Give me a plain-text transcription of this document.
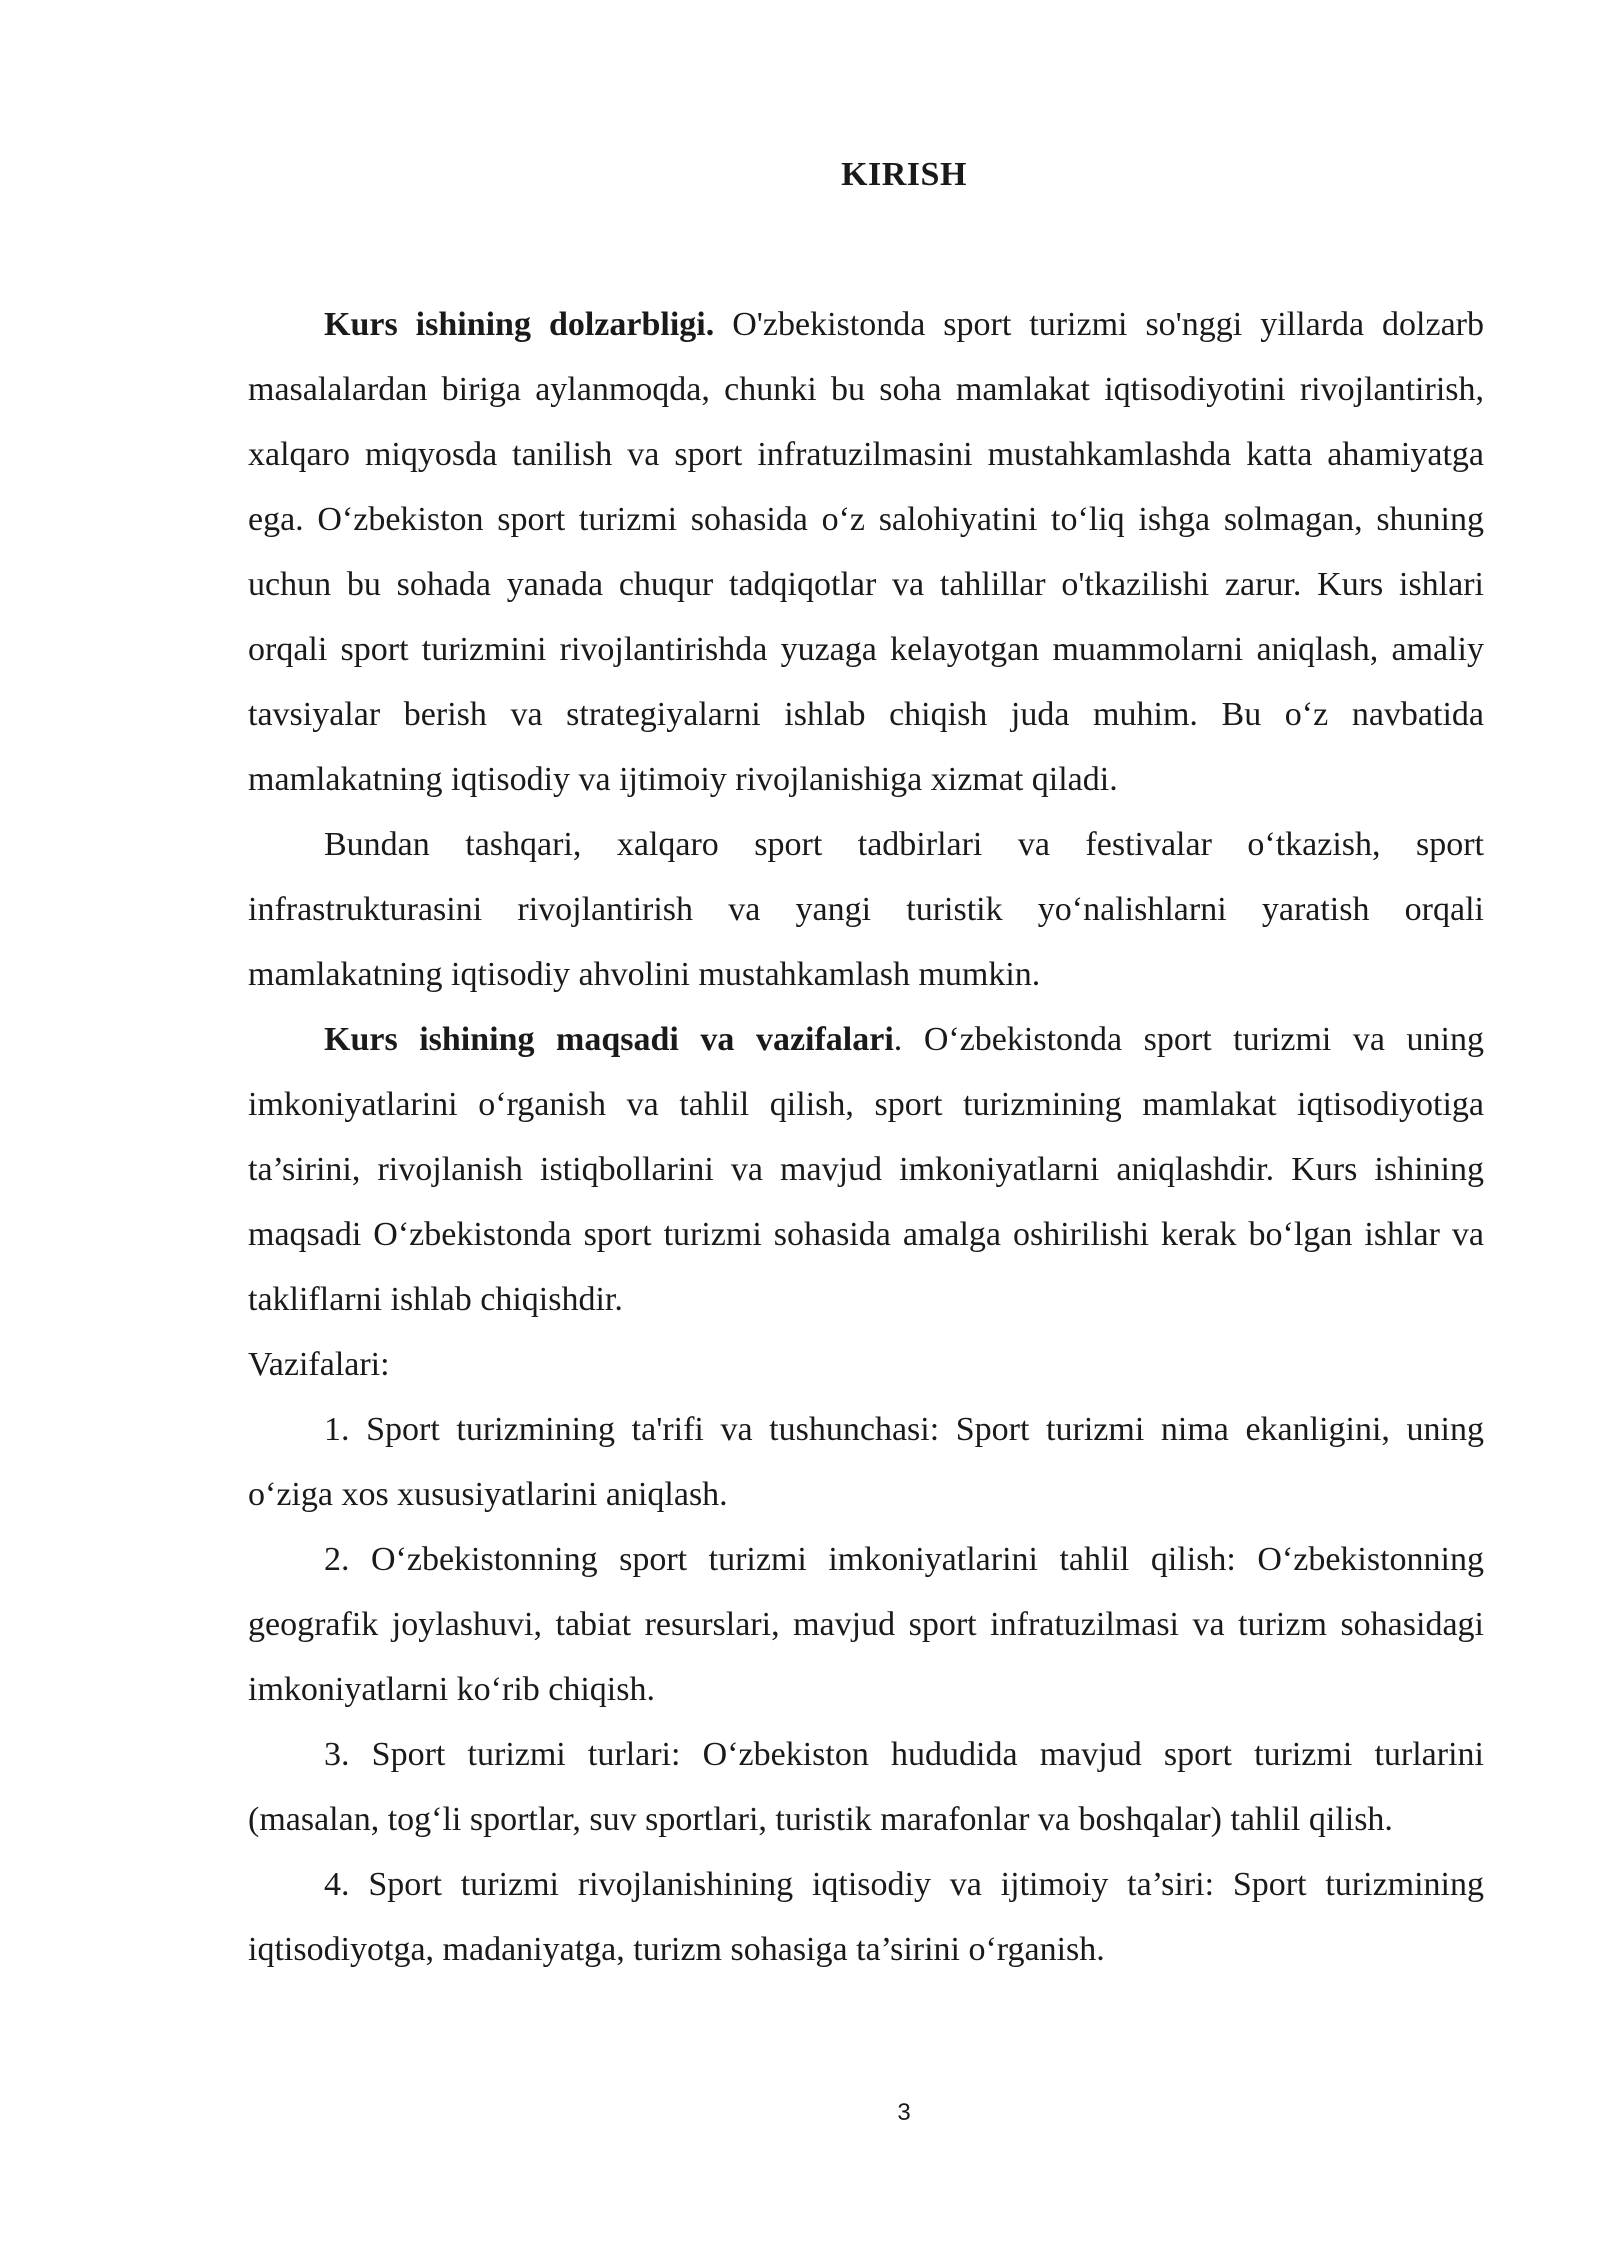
KIRISH

Kurs ishining dolzarbligi. O'zbekistonda sport turizmi so'nggi yillarda dolzarb masalalardan biriga aylanmoqda, chunki bu soha mamlakat iqtisodiyotini rivojlantirish, xalqaro miqyosda tanilish va sport infratuzilmasini mustahkamlashda katta ahamiyatga ega. O‘zbekiston sport turizmi sohasida o‘z salohiyatini to‘liq ishga solmagan, shuning uchun bu sohada yanada chuqur tadqiqotlar va tahlillar o'tkazilishi zarur. Kurs ishlari orqali sport turizmini rivojlantirishda yuzaga kelayotgan muammolarni aniqlash, amaliy tavsiyalar berish va strategiyalarni ishlab chiqish juda muhim. Bu o‘z navbatida mamlakatning iqtisodiy va ijtimoiy rivojlanishiga xizmat qiladi.

Bundan tashqari, xalqaro sport tadbirlari va festivalar o‘tkazish, sport infrastrukturasini rivojlantirish va yangi turistik yo‘nalishlarni yaratish orqali mamlakatning iqtisodiy ahvolini mustahkamlash mumkin.

Kurs ishining maqsadi va vazifalari. O‘zbekistonda sport turizmi va uning imkoniyatlarini o‘rganish va tahlil qilish, sport turizmining mamlakat iqtisodiyotiga ta’sirini, rivojlanish istiqbollarini va mavjud imkoniyatlarni aniqlashdir. Kurs ishining maqsadi O‘zbekistonda sport turizmi sohasida amalga oshirilishi kerak bo‘lgan ishlar va takliflarni ishlab chiqishdir.

Vazifalari:

1. Sport turizmining ta'rifi va tushunchasi: Sport turizmi nima ekanligini, uning o‘ziga xos xususiyatlarini aniqlash.

2. O‘zbekistonning sport turizmi imkoniyatlarini tahlil qilish: O‘zbekistonning geografik joylashuvi, tabiat resurslari, mavjud sport infratuzilmasi va turizm sohasidagi imkoniyatlarni ko‘rib chiqish.

3. Sport turizmi turlari: O‘zbekiston hududida mavjud sport turizmi turlarini (masalan, tog‘li sportlar, suv sportlari, turistik marafonlar va boshqalar) tahlil qilish.

4. Sport turizmi rivojlanishining iqtisodiy va ijtimoiy ta’siri: Sport turizmining iqtisodiyotga, madaniyatga, turizm sohasiga ta’sirini o‘rganish.

3
